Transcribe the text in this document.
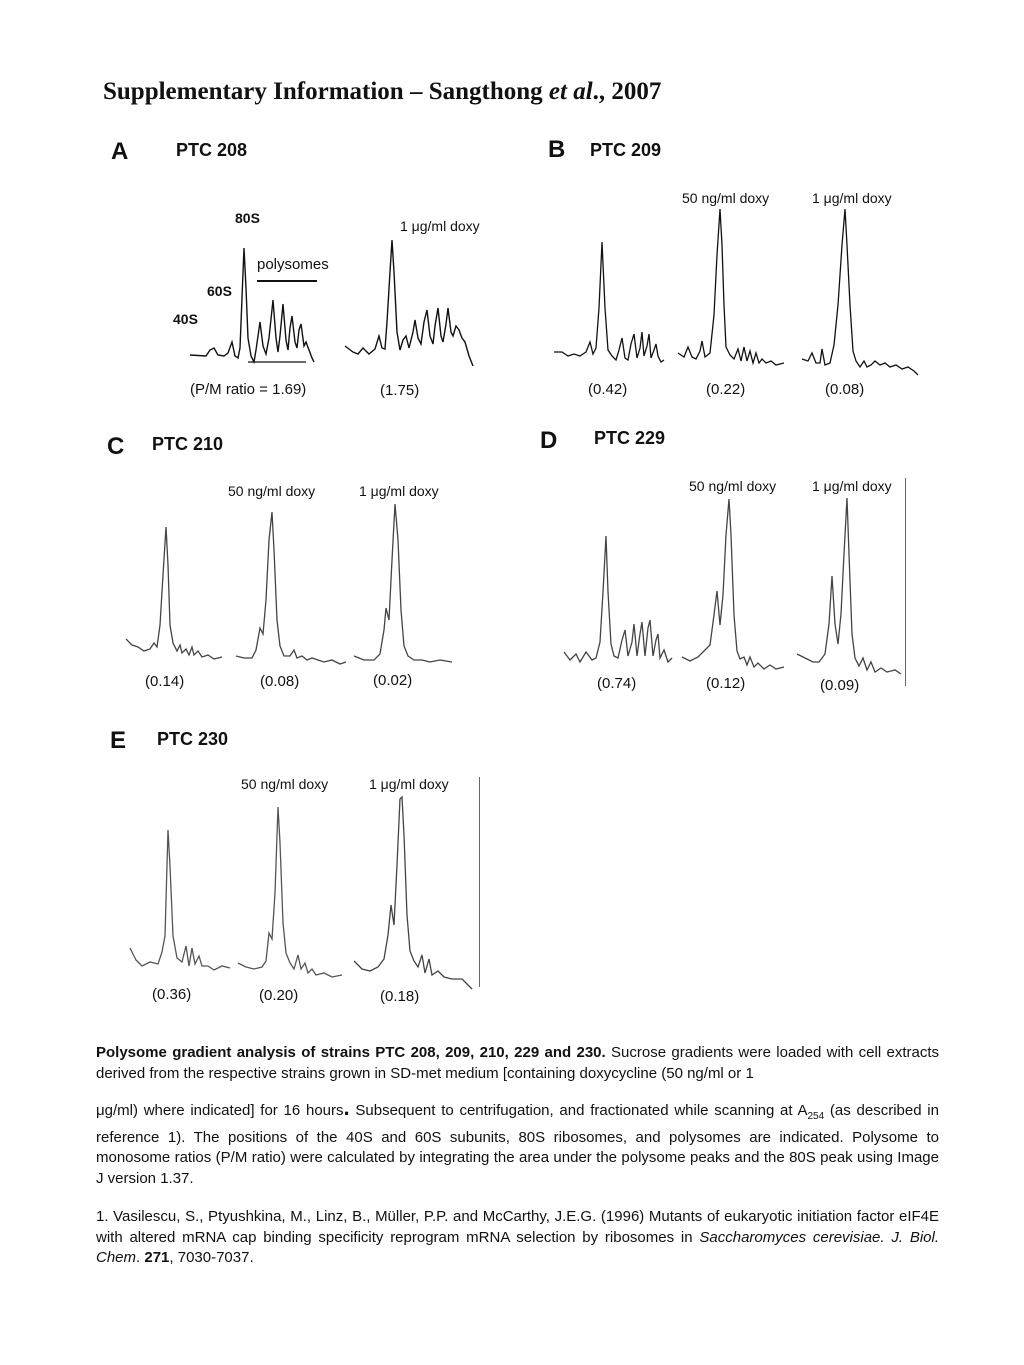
Supplementary Information – Sangthong et al., 2007
A	PTC 208
80S
60S
40S
polysomes
1 μg/ml doxy
(P/M ratio = 1.69)	(1.75)
B PTC 209
50 ng/ml doxy	1 μg/ml doxy
(0.42)	(0.22)	(0.08)
C PTC 210
50 ng/ml doxy	1 μg/ml doxy
(0.14)	(0.08)	(0.02)
D PTC 229
50 ng/ml doxy	1 μg/ml doxy
(0.74)	(0.12)	(0.09)
E PTC 230
50 ng/ml doxy	1 μg/ml doxy
(0.36)	(0.20)	(0.18)
Polysome gradient analysis of strains PTC 208, 209, 210, 229 and 230. Sucrose gradients were loaded with cell extracts derived from the respective strains grown in SD-met medium [containing doxycycline (50 ng/ml or 1
μg/ml) where indicated] for 16 hours. Subsequent to centrifugation, and fractionated while scanning at $A_{254}$ (as described in reference 1). The positions of the 40S and 60S subunits, 80S ribosomes, and polysomes are indicated. Polysome to monosome ratios (P/M ratio) were calculated by integrating the area under the polysome peaks and the 80S peak using Image J version 1.37.
1. Vasilescu, S., Ptyushkina, M., Linz, B., Müller, P.P. and McCarthy, J.E.G. (1996) Mutants of eukaryotic initiation factor eIF4E with altered mRNA cap binding specificity reprogram mRNA selection by ribosomes in Saccharomyces cerevisiae. J. Biol. Chem. 271, 7030-7037.
